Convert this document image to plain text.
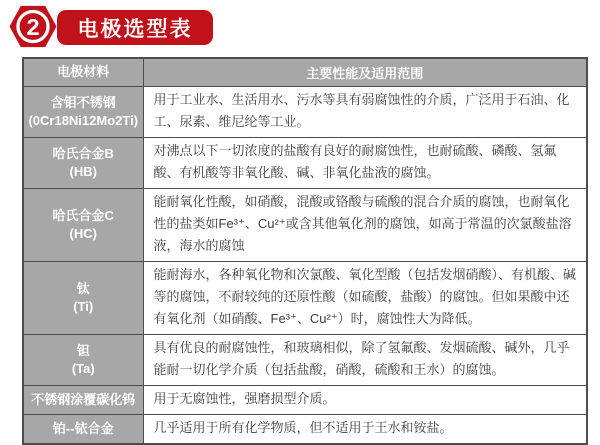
2 电极选型表
电极材料	主要性能及适用范围

含钼不锈钢
(0Cr18Ni12Mo2Ti)	用于工业水、生活用水、污水等具有弱腐蚀性的介质，广泛用于石油、化工、尿素、维尼纶等工业。

哈氏合金B
(HB)	对沸点以下一切浓度的盐酸有良好的耐腐蚀性，也耐硫酸、磷酸、氢氟酸、有机酸等非氧化酸、碱、非氧化盐液的腐蚀。

哈氏合金C
(HC)	能耐氧化性酸，如硝酸，混酸或铬酸与硫酸的混合介质的腐蚀，也耐氧化性的盐类如Fe³⁺、Cu²⁺或含其他氧化剂的腐蚀，如高于常温的次氯酸盐溶液，海水的腐蚀

钛
(Ti)	能耐海水，各种氧化物和次氯酸、氧化型酸（包括发烟硝酸）、有机酸、碱等的腐蚀，不耐较纯的还原性酸（如硫酸，盐酸）的腐蚀。但如果酸中还有氧化剂（如硝酸、Fe³⁺、Cu²⁺）时，腐蚀性大为降低。

钽
(Ta)	具有优良的耐腐蚀性，和玻璃相似，除了氢氟酸、发烟硫酸、碱外，几乎能耐一切化学介质（包括盐酸，硝酸，硫酸和王水）的腐蚀。

不锈钢涂覆碳化钨	用于无腐蚀性，强磨损型介质。

铂--铱合金	几乎适用于所有化学物质，但不适用于王水和铵盐。
